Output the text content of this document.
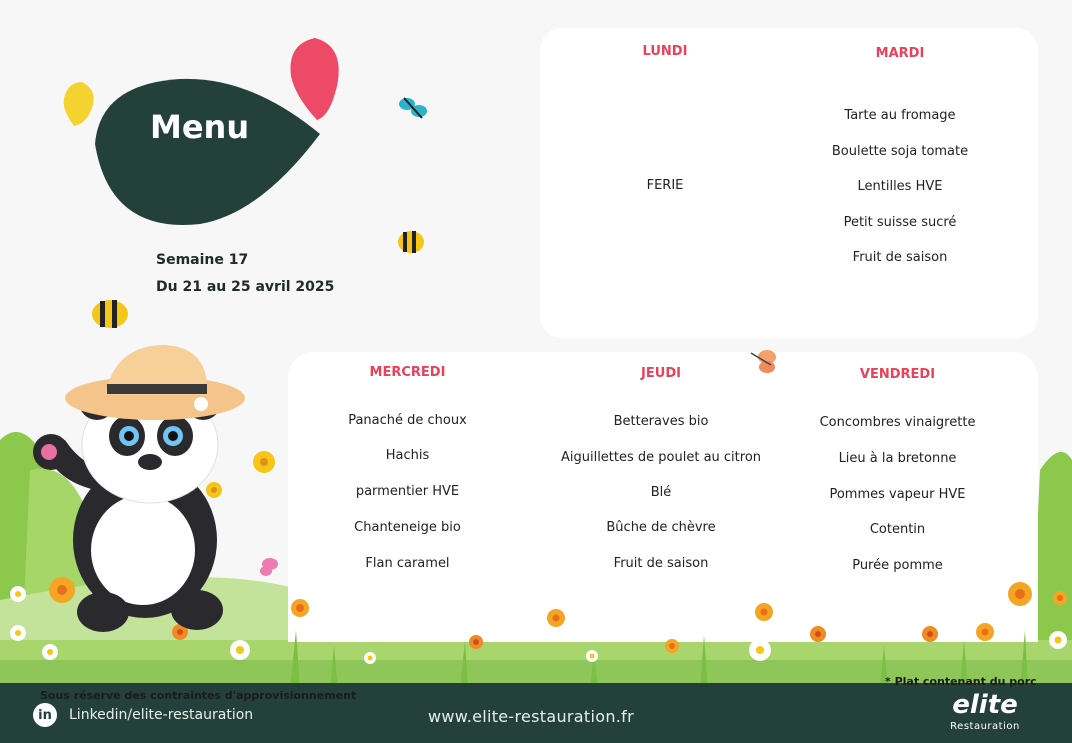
Menu
Semaine 17
Du 21 au 25 avril 2025
LUNDI
FERIE
MARDI
Tarte au fromage
Boulette soja tomate
Lentilles HVE
Petit suisse sucré
Fruit de saison
MERCREDI
Panaché de choux
Hachis
parmentier HVE
Chanteneige bio
Flan caramel
JEUDI
Betteraves bio
Aiguillettes de poulet au citron
Blé
Bûche de chèvre
Fruit de saison
VENDREDI
Concombres vinaigrette
Lieu à la bretonne
Pommes vapeur HVE
Cotentin
Purée pomme
Sous réserve des contraintes d'approvisionnement
* Plat contenant du porc
in	Linkedin/elite-restauration	www.elite-restauration.fr	elite
Restauration
